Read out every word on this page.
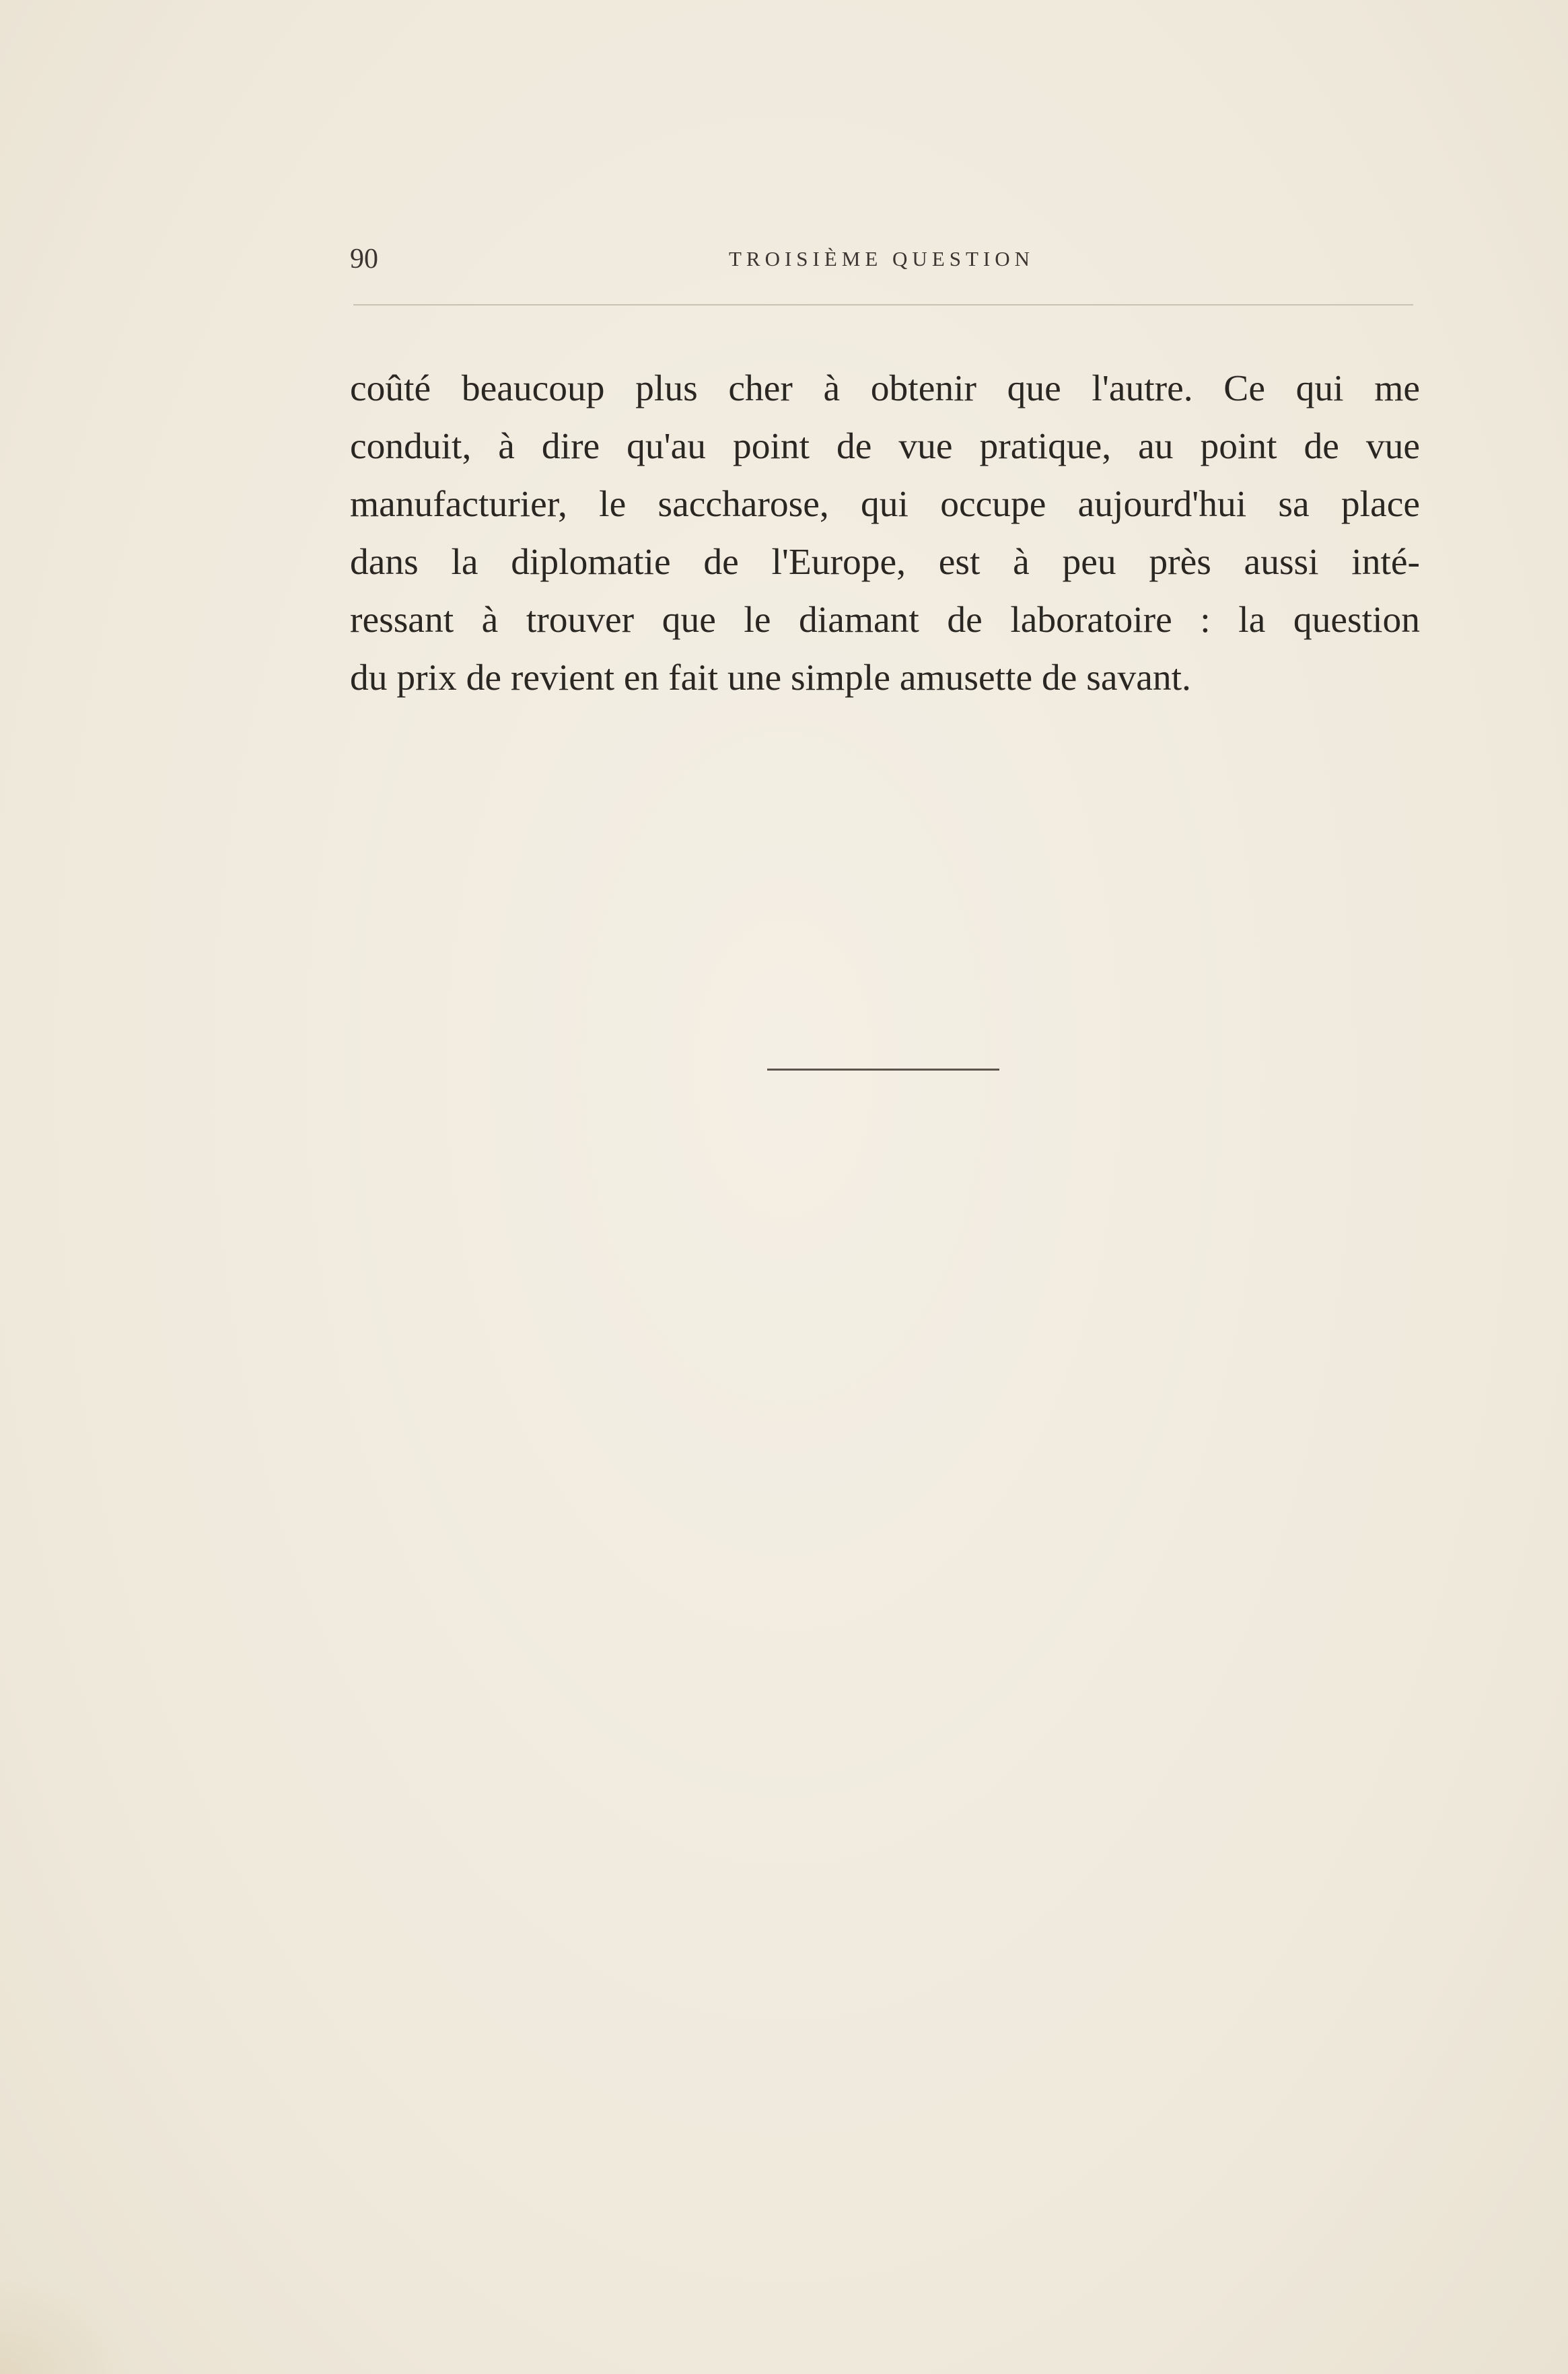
90	TROISIÈME QUESTION

coûté beaucoup plus cher à obtenir que l'autre. Ce qui me
conduit, à dire qu'au point de vue pratique, au point de vue
manufacturier, le saccharose, qui occupe aujourd'hui sa place
dans la diplomatie de l'Europe, est à peu près aussi inté-
ressant à trouver que le diamant de laboratoire : la question
du prix de revient en fait une simple amusette de savant.
